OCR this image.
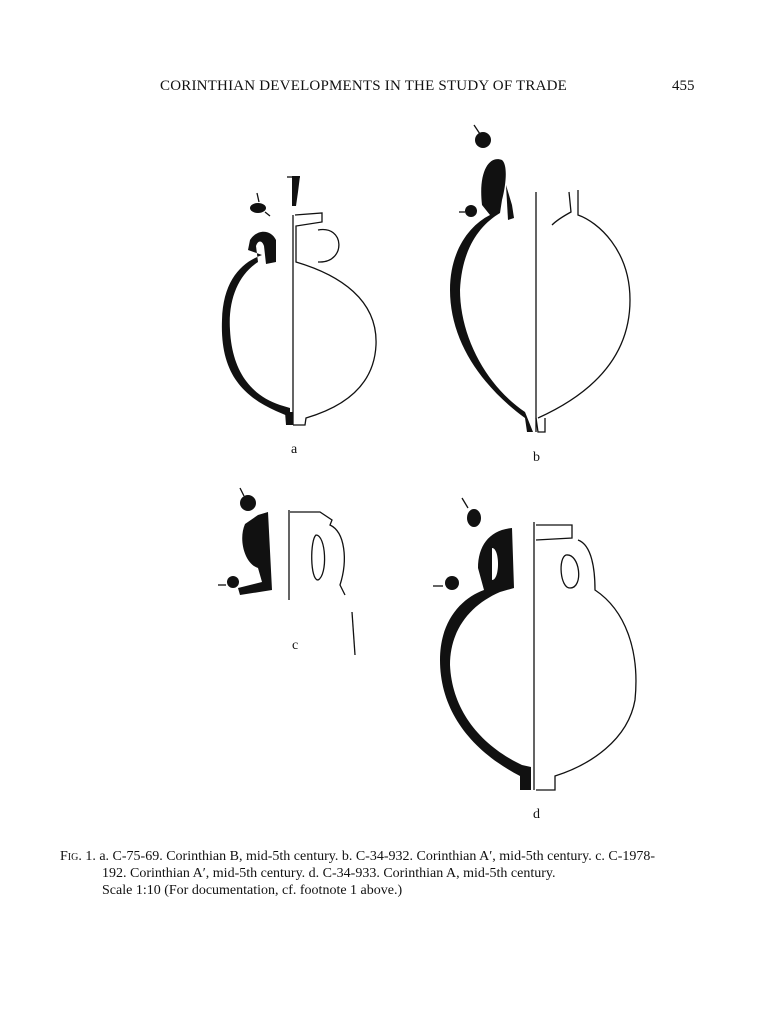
CORINTHIAN DEVELOPMENTS IN THE STUDY OF TRADE	455
a
b
c
d
Fig. 1. a. C-75-69. Corinthian B, mid-5th century. b. C-34-932. Corinthian A′, mid-5th century. c. C-1978-
192. Corinthian A′, mid-5th century. d. C-34-933. Corinthian A, mid-5th century.
Scale 1:10 (For documentation, cf. footnote 1 above.)
